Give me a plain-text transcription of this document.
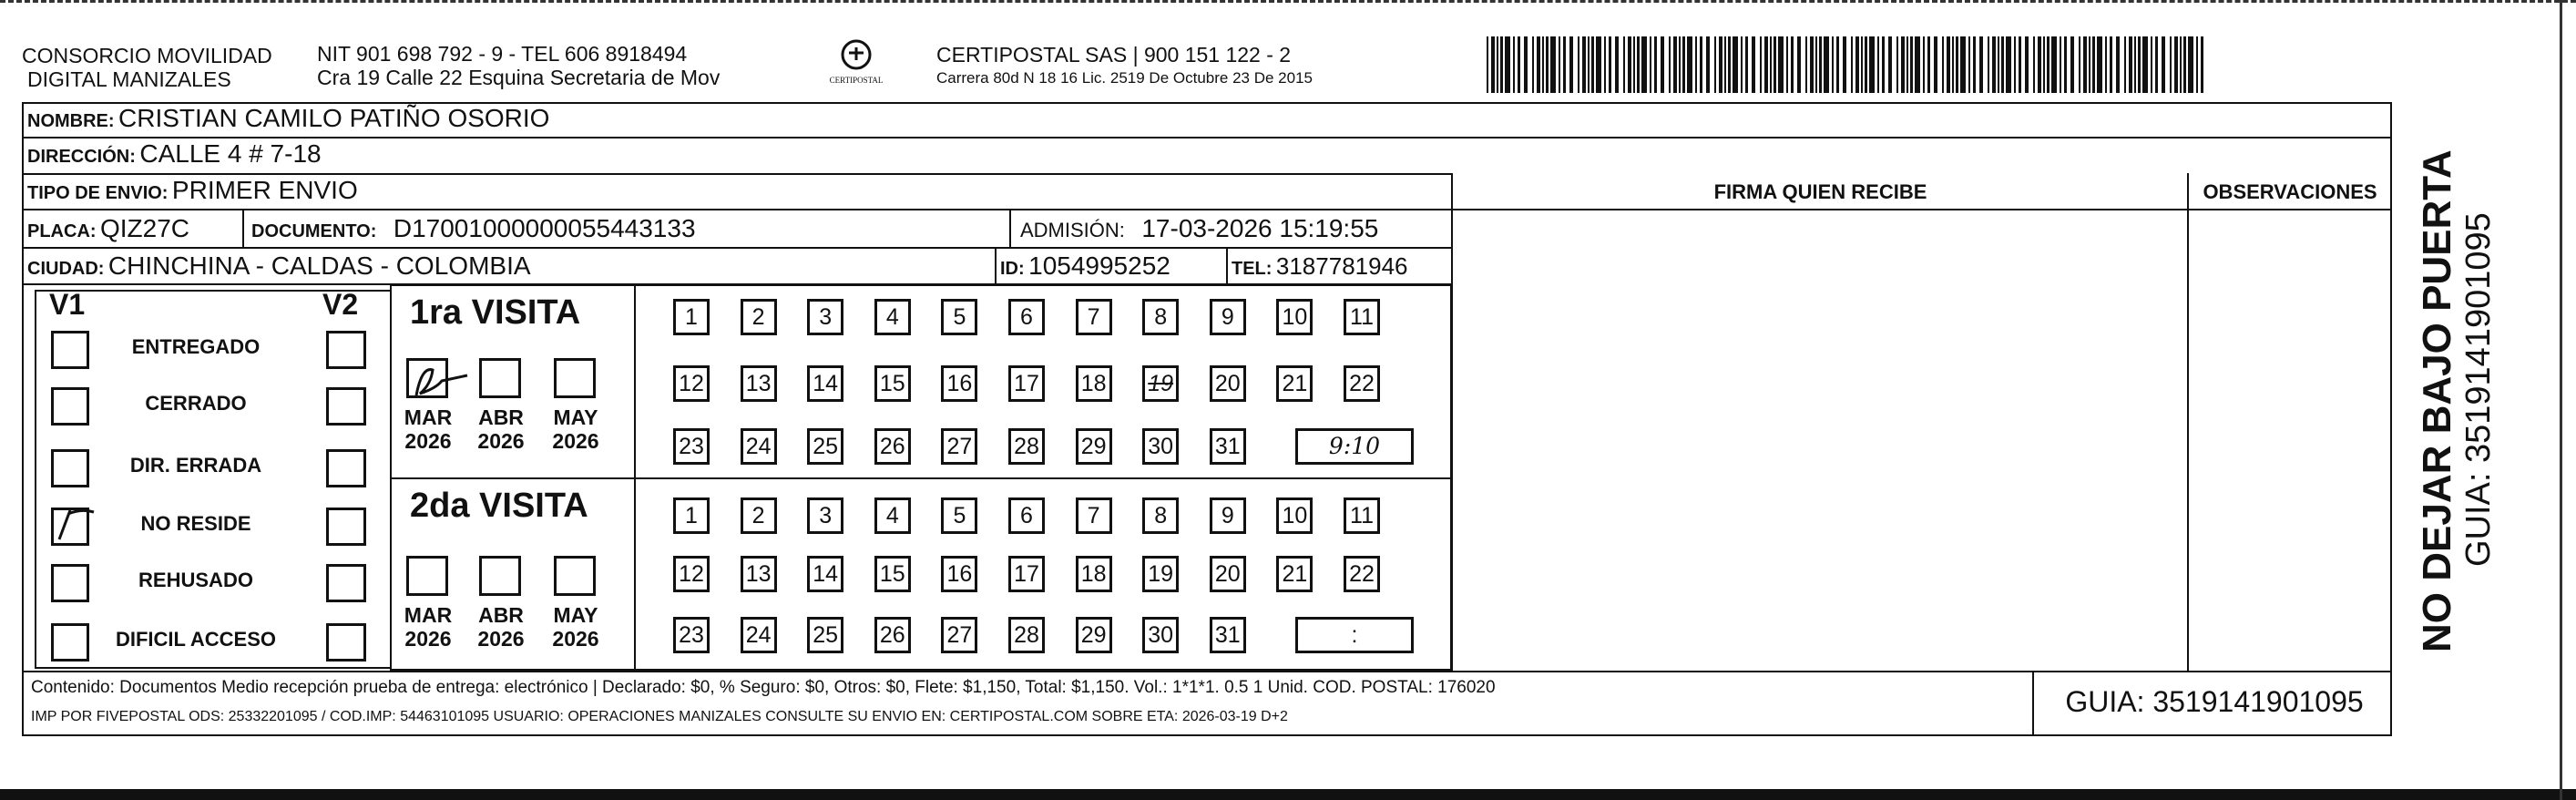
CONSORCIO MOVILIDAD
DIGITAL MANIZALES
NIT 901 698 792 - 9 - TEL 606 8918494
Cra 19 Calle 22 Esquina Secretaria de Mov	CERTIPOSTAL
CERTIPOSTAL SAS | 900 151 122 - 2
Carrera 80d N 18 16 Lic. 2519 De Octubre 23 De 2015
NOMBRE: CRISTIAN CAMILO PATIÑO OSORIO
DIRECCIÓN: CALLE 4 # 7-18
TIPO DE ENVIO: PRIMER ENVIO
PLACA: QIZ27C	DOCUMENTO: D17001000000055443133	ADMISIÓN: 17-03-2026 15:19:55
CIUDAD: CHINCHINA - CALDAS - COLOMBIA	ID: 1054995252	TEL: 3187781946
FIRMA QUIEN RECIBE	OBSERVACIONES
V1	V2 1ra VISITA
2da VISITA
Contenido: Documentos Medio recepción prueba de entrega: electrónico | Declarado: $0, % Seguro: $0, Otros: $0, Flete: $1,150, Total: $1,150. Vol.: 1*1*1. 0.5 1 Unid. COD. POSTAL: 176020
IMP POR FIVEPOSTAL ODS: 25332201095 / COD.IMP: 54463101095 USUARIO: OPERACIONES MANIZALES CONSULTE SU ENVIO EN: CERTIPOSTAL.COM SOBRE ETA: 2026-03-19 D+2	GUIA: 3519141901095
NO DEJAR BAJO PUERTA GUIA: 3519141901095
ENTREGADO
CERRADO
DIR. ERRADA
NO RESIDE
REHUSADO
DIFICIL ACCESO
MAR
2026
ABR
2026
MAY
2026
MAR
2026
ABR
2026
MAY
2026
1	2	3	4	5	6	7	8	9	10 11
12 13 14 15 16 17 18 19 20 21 22
23 24 25 26 27 28 29 30 31	9:10
1	2	3	4	5	6	7	8	9	10 11
12 13 14 15 16 17 18 19 20 21 22
23 24 25 26 27 28 29 30 31	:
